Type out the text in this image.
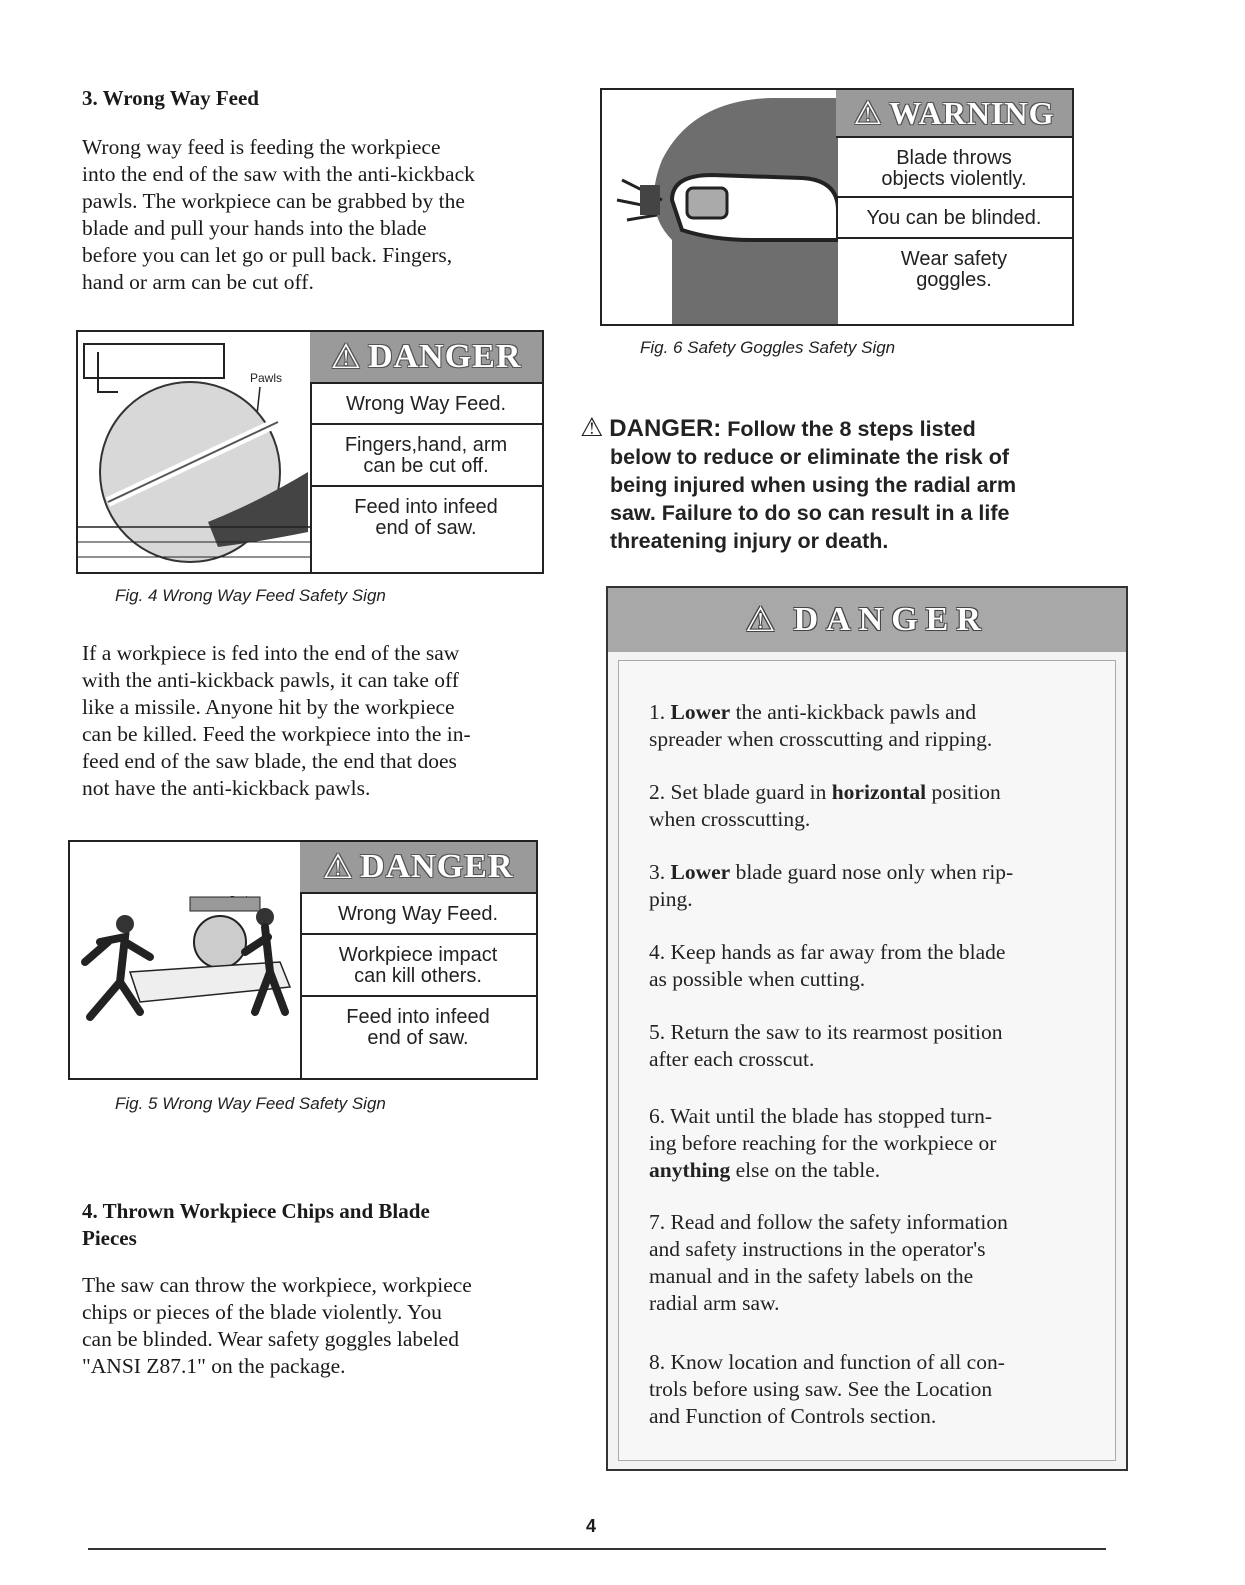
3. Wrong Way Feed
Wrong way feed is feeding the workpiece
into the end of the saw with the anti-kickback
pawls. The workpiece can be grabbed by the
blade and pull your hands into the blade
before you can let go or pull back. Fingers,
hand or arm can be cut off.
Pawls
⚠ DANGER
Wrong Way Feed.
Fingers,hand, arm
can be cut off.
Feed into infeed
end of saw.
Fig. 4 Wrong Way Feed Safety Sign
If a workpiece is fed into the end of the saw
with the anti-kickback pawls, it can take off
like a missile. Anyone hit by the workpiece
can be killed. Feed the workpiece into the in-
feed end of the saw blade, the end that does
not have the anti-kickback pawls.
⚠ DANGER
Wrong Way Feed.
Workpiece impact
can kill others.
Feed into infeed
end of saw.
Fig. 5 Wrong Way Feed Safety Sign
4. Thrown Workpiece Chips and Blade
Pieces
The saw can throw the workpiece, workpiece
chips or pieces of the blade violently. You
can be blinded. Wear safety goggles labeled
"ANSI Z87.1" on the package.
⚠ WARNING
Blade throws
objects violently.
You can be blinded.
Wear safety
goggles.
Fig. 6 Safety Goggles Safety Sign
⚠ DANGER: Follow the 8 steps listed
below to reduce or eliminate the risk of
being injured when using the radial arm
saw. Failure to do so can result in a life
threatening injury or death.
⚠ DANGER
1. Lower the anti-kickback pawls and
spreader when crosscutting and ripping.
2. Set blade guard in horizontal position
when crosscutting.
3. Lower blade guard nose only when rip-
ping.
4. Keep hands as far away from the blade
as possible when cutting.
5. Return the saw to its rearmost position
after each crosscut.
6. Wait until the blade has stopped turn-
ing before reaching for the workpiece or
anything else on the table.
7. Read and follow the safety information
and safety instructions in the operator's
manual and in the safety labels on the
radial arm saw.
8. Know location and function of all con-
trols before using saw. See the Location
and Function of Controls section.
4
